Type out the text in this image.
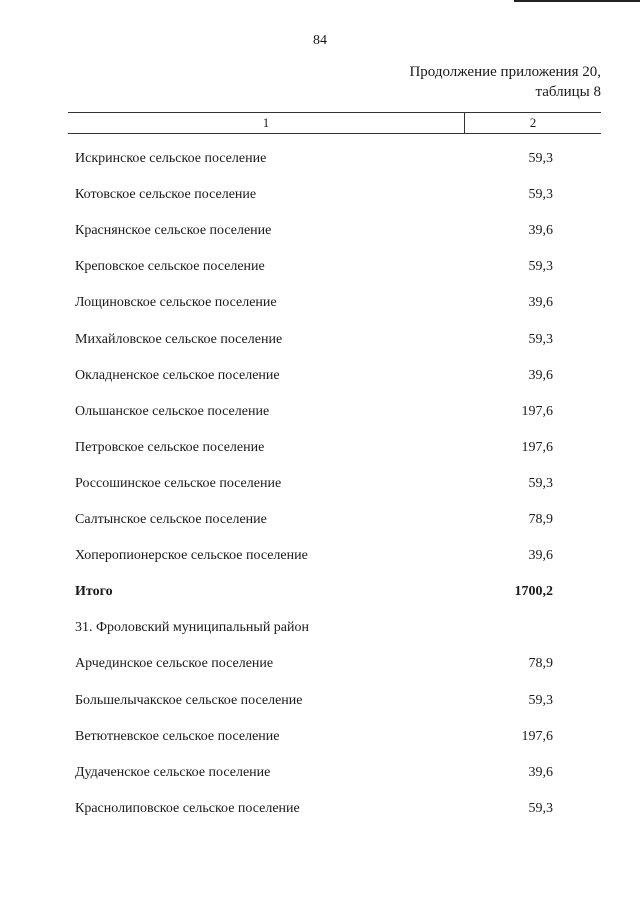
84
Продолжение приложения 20,
таблицы 8
1	2
Искринское сельское поселение	59,3
Котовское сельское поселение	59,3
Краснянское сельское поселение	39,6
Креповское сельское поселение	59,3
Лощиновское сельское поселение	39,6
Михайловское сельское поселение	59,3
Окладненское сельское поселение	39,6
Ольшанское сельское поселение	197,6
Петровское сельское поселение	197,6
Россошинское сельское поселение	59,3
Салтынское сельское поселение	78,9
Хоперопионерское сельское поселение	39,6
Итого	1700,2
31. Фроловский муниципальный район
Арчединское сельское поселение	78,9
Большелычакское сельское поселение	59,3
Ветютневское сельское поселение	197,6
Дудаченское сельское поселение	39,6
Краснолиповское сельское поселение	59,3
